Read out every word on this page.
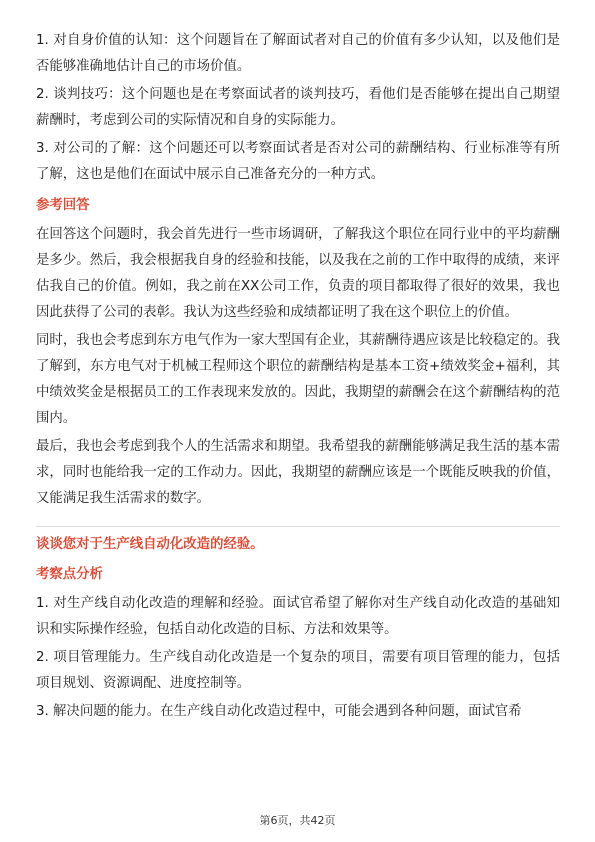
1. 对自身价值的认知：这个问题旨在了解面试者对自己的价值有多少认知，以及他们是否能够准确地估计自己的市场价值。

2. 谈判技巧：这个问题也是在考察面试者的谈判技巧，看他们是否能够在提出自己期望薪酬时，考虑到公司的实际情况和自身的实际能力。

3. 对公司的了解：这个问题还可以考察面试者是否对公司的薪酬结构、行业标准等有所了解，这也是他们在面试中展示自己准备充分的一种方式。

参考回答

在回答这个问题时，我会首先进行一些市场调研，了解我这个职位在同行业中的平均薪酬是多少。然后，我会根据我自身的经验和技能，以及我在之前的工作中取得的成绩，来评估我自己的价值。例如，我之前在XX公司工作，负责的项目都取得了很好的效果，我也因此获得了公司的表彰。我认为这些经验和成绩都证明了我在这个职位上的价值。

同时，我也会考虑到东方电气作为一家大型国有企业，其薪酬待遇应该是比较稳定的。我了解到，东方电气对于机械工程师这个职位的薪酬结构是基本工资+绩效奖金+福利，其中绩效奖金是根据员工的工作表现来发放的。因此，我期望的薪酬会在这个薪酬结构的范围内。

最后，我也会考虑到我个人的生活需求和期望。我希望我的薪酬能够满足我生活的基本需求，同时也能给我一定的工作动力。因此，我期望的薪酬应该是一个既能反映我的价值，又能满足我生活需求的数字。

谈谈您对于生产线自动化改造的经验。
考察点分析

1. 对生产线自动化改造的理解和经验。面试官希望了解你对生产线自动化改造的基础知识和实际操作经验，包括自动化改造的目标、方法和效果等。

2. 项目管理能力。生产线自动化改造是一个复杂的项目，需要有项目管理的能力，包括项目规划、资源调配、进度控制等。

3. 解决问题的能力。在生产线自动化改造过程中，可能会遇到各种问题，面试官希

第6页，共42页
